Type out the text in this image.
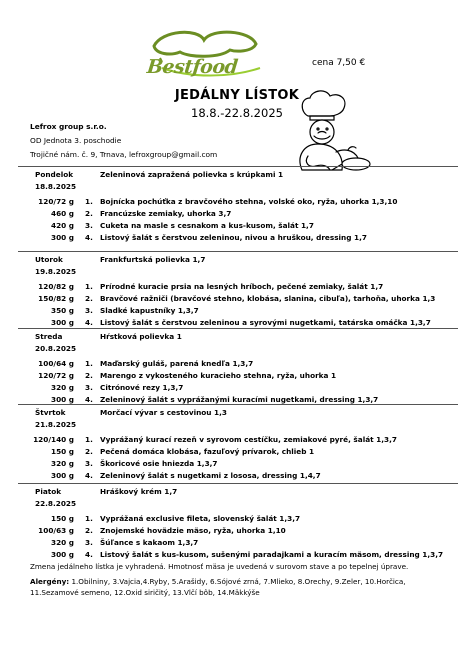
Bestfood	cena 7,50 €
JEDÁLNY LÍSTOK
18.8.-22.8.2025
Lefrox group s.r.o.
OD Jednota 3. poschodie
Trojičné nám. č. 9, Trnava, lefroxgroup@gmail.com
Pondelok
18.8.2025
Zeleninová zapražená polievka s krúpkami 1
120/72 g 1. Bojnícka pochúťka z bravčového stehna, volské oko, ryža, uhorka 1,3,10
460 g 2. Francúzske zemiaky, uhorka 3,7
420 g 3. Cuketa na masle s cesnakom a kus-kusom, šalát 1,7
300 g 4. Listový šalát s čerstvou zeleninou, nivou a hruškou, dressing 1,7
Utorok
19.8.2025
Frankfurtská polievka 1,7
120/82 g 1. Prírodné kuracie prsia na lesných hríboch, pečené zemiaky, šalát 1,7
150/82 g 2. Bravčové ražniči (bravčové stehno, klobása, slanina, cibuľa), tarhoňa, uhorka 1,3
350 g 3. Sladké kapustníky 1,3,7
300 g 4. Listový šalát s čerstvou zeleninou a syrovými nugetkami, tatárska omáčka 1,3,7
Streda
20.8.2025
Hŕstková polievka 1
100/64 g 1. Maďarský guláš, parená knedľa 1,3,7
120/72 g 2. Marengo z vykosteného kuracieho stehna, ryža, uhorka 1
320 g 3. Citrónové rezy 1,3,7
300 g 4. Zeleninový šalát s vyprážanými kuracími nugetkami, dressing 1,3,7
Štvrtok
21.8.2025
Morčací vývar s cestovinou 1,3
120/140 g 1. Vyprážaný kurací rezeň v syrovom cestíčku, zemiakové pyré, šalát 1,3,7
150 g 2. Pečená domáca klobása, fazuľový prívarok, chlieb 1
320 g 3. Škoricové osie hniezda 1,3,7
300 g 4. Zeleninový šalát s nugetkami z lososa, dressing 1,4,7
Piatok
22.8.2025
Hráškový krém 1,7
150 g 1. Vyprážaná exclusive fileta, slovenský šalát 1,3,7
100/63 g 2. Znojemské hovädzie mäso, ryža, uhorka 1,10
320 g 3. Šúľance s kakaom 1,3,7
300 g 4. Listový šalát s kus-kusom, sušenými paradajkami a kuracím mäsom, dressing 1,3,7
Zmena jedálneho lístka je vyhradená. Hmotnosť mäsa je uvedená v surovom stave a po tepelnej úprave.
Alergény: 1.Obilniny, 3.Vajcia,4.Ryby, 5.Arašidy, 6.Sójové zrná, 7.Mlieko, 8.Orechy, 9.Zeler, 10.Horčica, 11.Sezamové semeno, 12.Oxid siričitý, 13.Vlčí bôb, 14.Mäkkýše
